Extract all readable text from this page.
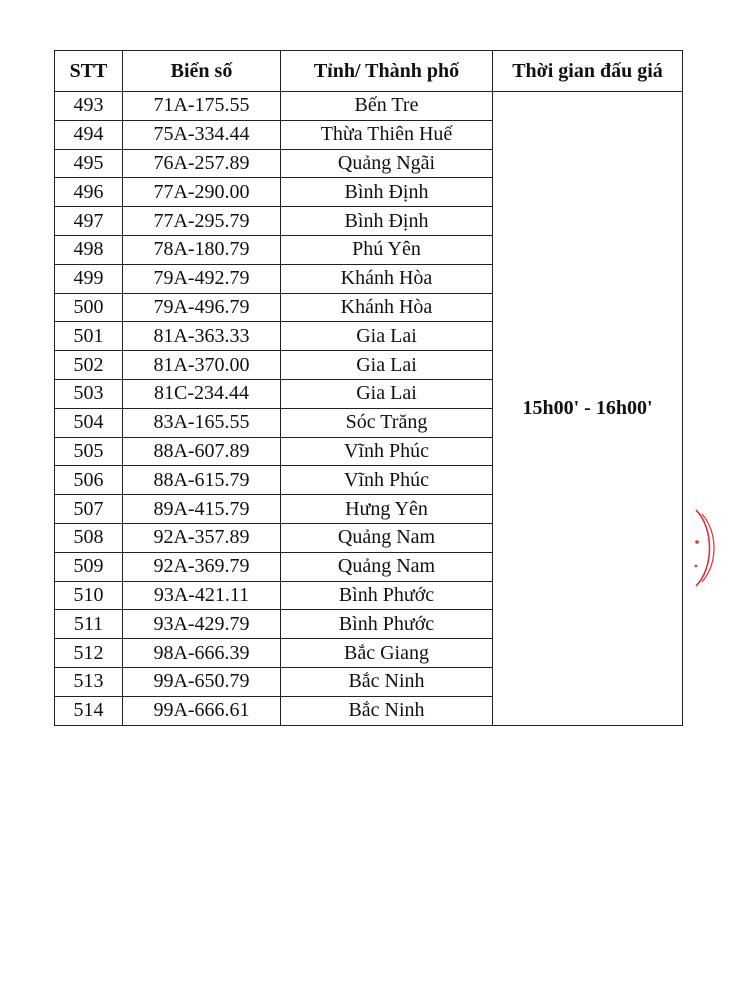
STT	Biển số	Tỉnh/ Thành phố	Thời gian đấu giá
493	71A-175.55	Bến Tre	15h00' - 16h00'
494	75A-334.44	Thừa Thiên Huế	
495	76A-257.89	Quảng Ngãi	
496	77A-290.00	Bình Định	
497	77A-295.79	Bình Định	
498	78A-180.79	Phú Yên	
499	79A-492.79	Khánh Hòa	
500	79A-496.79	Khánh Hòa	
501	81A-363.33	Gia Lai	
502	81A-370.00	Gia Lai	
503	81C-234.44	Gia Lai	
504	83A-165.55	Sóc Trăng	
505	88A-607.89	Vĩnh Phúc	
506	88A-615.79	Vĩnh Phúc	
507	89A-415.79	Hưng Yên	
508	92A-357.89	Quảng Nam	
509	92A-369.79	Quảng Nam	
510	93A-421.11	Bình Phước	
511	93A-429.79	Bình Phước	
512	98A-666.39	Bắc Giang	
513	99A-650.79	Bắc Ninh	
514	99A-666.61	Bắc Ninh	
